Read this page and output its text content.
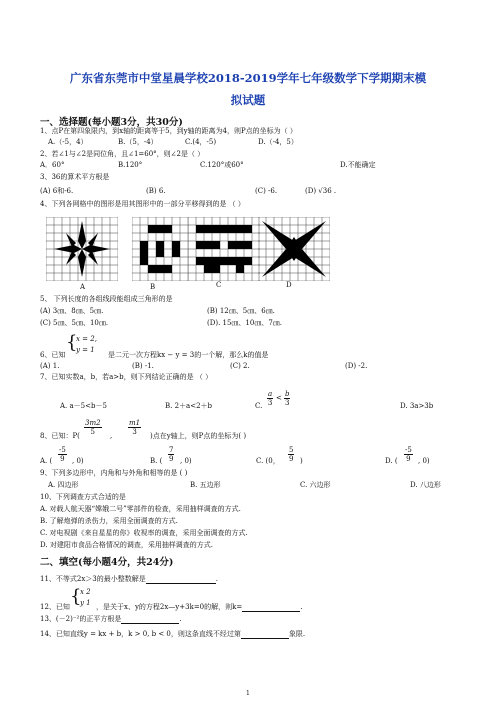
广东省东莞市中堂星晨学校2018-2019学年七年级数学下学期期末模
拟试题
一、选择题(每小题3分，共30分)
1、点P在第四象限内，到x轴的距离等于5，到y轴的距离为4，则P点的坐标为（ ）
A.（-5，4）	B.（5，-4）	C.(4，-5)	D.（-4，5）
2、若∠1与∠2是同位角，且∠1=60°，则∠2是（ ）
A．60°	B.120°	C.120°或60°	D.不能确定
3、36的算术平方根是
(A) 6和-6.	(B) 6.	(C) -6.	(D) √36 .
4、下列各网格中的图形是用其图形中的一部分平移得到的是 （ ）
A	B	C	D
5、 下列长度的各组线段能组成三角形的是
(A) 3㎝、8㎝、5㎝.	(B) 12㎝、5㎝、6㎝.
(C) 5㎝、5㎝、10㎝.	(D). 15㎝、10㎝、7㎝.
6、已知
{
x = 2,
y = 1
是二元一次方程kx − y = 3的一个解，那么k的值是
(A) 1.	(B) -1.	(C) 2.	(D) -2.
7、已知实数a，b，若a>b，则下列结论正确的是 （ ）
A. a－5<b－5	B. 2＋a<2＋b	C. $\frac{a}{3} < \frac{b}{3}$	D. 3a>3b
8、已知：$P( \frac{3m2}{5}$ , $\frac{m1}{3}$ )点在y轴上，则P点的坐标为( )
A. ( $\frac{-5}{9}$ , 0)	B. ( $\frac{7}{9}$ , 0)	C. (0， $\frac{5}{9}$ )	D. ( $\frac{-5}{9}$ , 0)
9、下列多边形中，内角和与外角和相等的是 ( )
A. 四边形	B. 五边形	C. 六边形	D. 八边形
10、下列调查方式合适的是
A. 对载人航天器“嫦娥二号”零部件的检查，采用抽样调查的方式.
B. 了解炮弹的杀伤力，采用全面调查的方式.
C. 对电视剧《来自星星的你》收视率的调查，采用全面调查的方式.
D. 对建阳市食品合格情况的调查，采用抽样调查的方式.
二、填空(每小题4分，共24分)
11、不等式2x＞3的最小整数解是	.
12、已知 {
x 2
y 1 ，是关于x、y的方程2x—y+3k=0的解，则k=	.
13、(－2)⁻²的正平方根是	.
14、已知直线y = kx + b，k > 0, b < 0，则这条直线不经过第	象限.
1
